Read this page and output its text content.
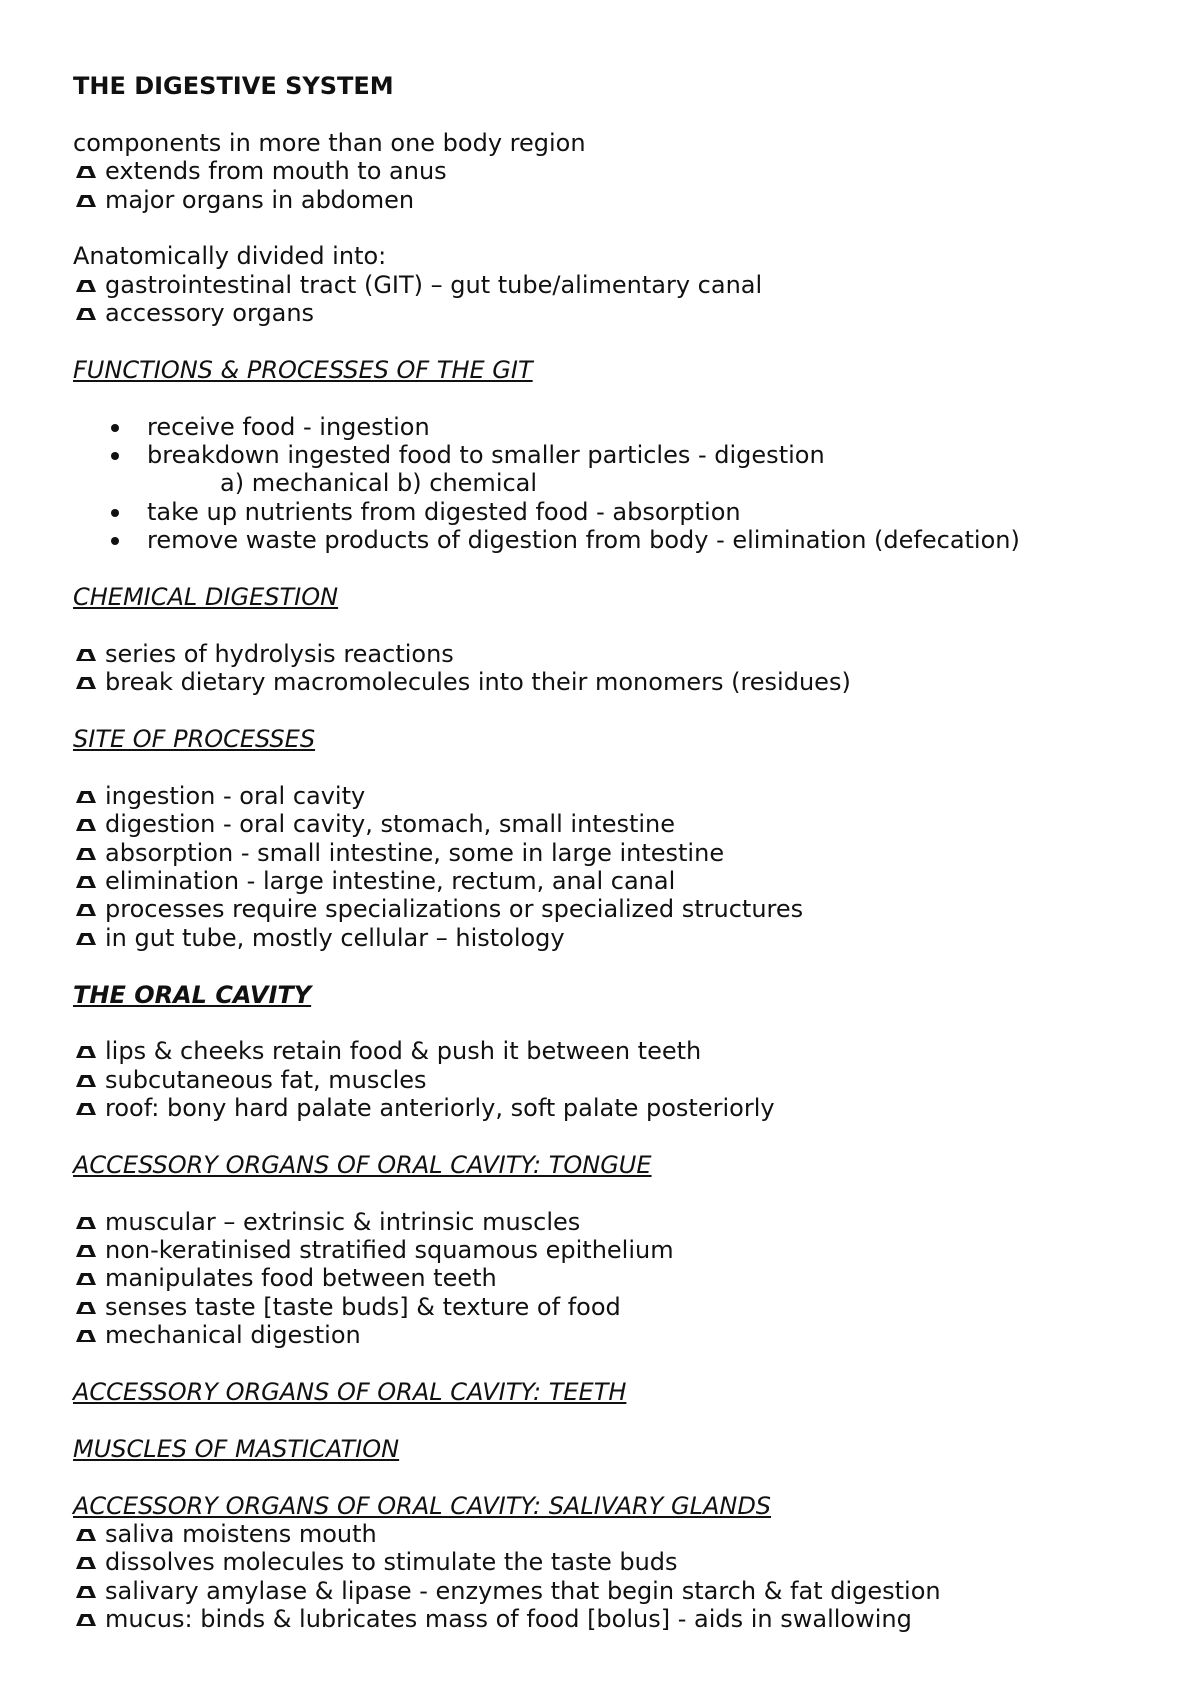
THE DIGESTIVE SYSTEM
components in more than one body region
extends from mouth to anus
major organs in abdomen
Anatomically divided into:
gastrointestinal tract (GIT) – gut tube/alimentary canal
accessory organs
FUNCTIONS & PROCESSES OF THE GIT
receive food - ingestion
breakdown ingested food to smaller particles - digestion
a) mechanical b) chemical
take up nutrients from digested food - absorption
remove waste products of digestion from body - elimination (defecation)
CHEMICAL DIGESTION
series of hydrolysis reactions
break dietary macromolecules into their monomers (residues)
SITE OF PROCESSES
ingestion - oral cavity
digestion - oral cavity, stomach, small intestine
absorption - small intestine, some in large intestine
elimination - large intestine, rectum, anal canal
processes require specializations or specialized structures
in gut tube, mostly cellular – histology
THE ORAL CAVITY
lips & cheeks retain food & push it between teeth
subcutaneous fat, muscles
roof: bony hard palate anteriorly, soft palate posteriorly
ACCESSORY ORGANS OF ORAL CAVITY: TONGUE
muscular – extrinsic & intrinsic muscles
non-keratinised stratified squamous epithelium
manipulates food between teeth
senses taste [taste buds] & texture of food
mechanical digestion
ACCESSORY ORGANS OF ORAL CAVITY: TEETH
MUSCLES OF MASTICATION
ACCESSORY ORGANS OF ORAL CAVITY: SALIVARY GLANDS
saliva moistens mouth
dissolves molecules to stimulate the taste buds
salivary amylase & lipase - enzymes that begin starch & fat digestion
mucus: binds & lubricates mass of food [bolus] - aids in swallowing
